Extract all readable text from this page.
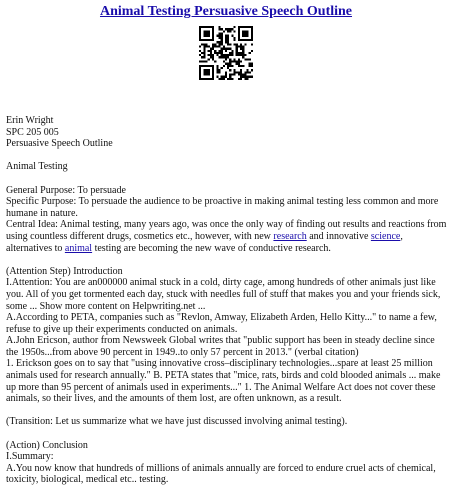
Animal Testing Persuasive Speech Outline

Erin Wright

SPC 205 005

Persuasive Speech Outline

Animal Testing

General Purpose: To persuade

Specific Purpose: To persuade the audience to be proactive in making animal testing less common and more humane in nature.

Central Idea: Animal testing, many years ago, was once the only way of finding out results and reactions from using countless different drugs, cosmetics etc., however, with new research and innovative science, alternatives to animal testing are becoming the new wave of conductive research.

(Attention Step) Introduction

I.Attention: You are an000000 animal stuck in a cold, dirty cage, among hundreds of other animals just like you. All of you get tormented each day, stuck with needles full of stuff that makes you and your friends sick, some ... Show more content on Helpwriting.net ...

A.According to PETA, companies such as "Revlon, Amway, Elizabeth Arden, Hello Kitty..." to name a few, refuse to give up their experiments conducted on animals.

A.John Ericson, author from Newsweek Global writes that "public support has been in steady decline since the 1950s...from above 90 percent in 1949..to only 57 percent in 2013." (verbal citation)

1. Erickson goes on to say that "using innovative cross–disciplinary technologies...spare at least 25 million animals used for research annually." B. PETA states that "mice, rats, birds and cold blooded animals ... make up more than 95 percent of animals used in experiments..." 1. The Animal Welfare Act does not cover these animals, so their lives, and the amounts of them lost, are often unknown, as a result.

(Transition: Let us summarize what we have just discussed involving animal testing).

(Action) Conclusion

I.Summary:

A.You now know that hundreds of millions of animals annually are forced to endure cruel acts of chemical, toxicity, biological, medical etc.. testing.
